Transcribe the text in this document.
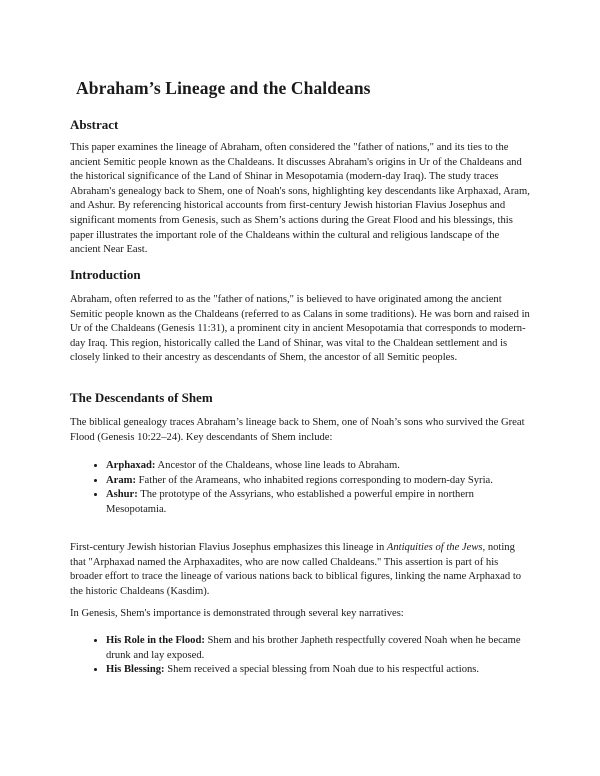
Abraham’s Lineage and the Chaldeans
Abstract

This paper examines the lineage of Abraham, often considered the "father of nations," and its ties to the ancient Semitic people known as the Chaldeans. It discusses Abraham's origins in Ur of the Chaldeans and the historical significance of the Land of Shinar in Mesopotamia (modern-day Iraq). The study traces Abraham's genealogy back to Shem, one of Noah's sons, highlighting key descendants like Arphaxad, Aram, and Ashur. By referencing historical accounts from first-century Jewish historian Flavius Josephus and significant moments from Genesis, such as Shem’s actions during the Great Flood and his blessings, this paper illustrates the important role of the Chaldeans within the cultural and religious landscape of the ancient Near East.

Introduction

Abraham, often referred to as the "father of nations," is believed to have originated among the ancient Semitic people known as the Chaldeans (referred to as Calans in some traditions). He was born and raised in Ur of the Chaldeans (Genesis 11:31), a prominent city in ancient Mesopotamia that corresponds to modern-day Iraq. This region, historically called the Land of Shinar, was vital to the Chaldean settlement and is closely linked to their ancestry as descendants of Shem, the ancestor of all Semitic peoples.

The Descendants of Shem

The biblical genealogy traces Abraham’s lineage back to Shem, one of Noah’s sons who survived the Great Flood (Genesis 10:22–24). Key descendants of Shem include:

• Arphaxad: Ancestor of the Chaldeans, whose line leads to Abraham.
• Aram: Father of the Arameans, who inhabited regions corresponding to modern-day Syria.
• Ashur: The prototype of the Assyrians, who established a powerful empire in northern Mesopotamia.

First-century Jewish historian Flavius Josephus emphasizes this lineage in Antiquities of the Jews, noting that "Arphaxad named the Arphaxadites, who are now called Chaldeans." This assertion is part of his broader effort to trace the lineage of various nations back to biblical figures, linking the name Arphaxad to the historic Chaldeans (Kasdim).

In Genesis, Shem's importance is demonstrated through several key narratives:

• His Role in the Flood: Shem and his brother Japheth respectfully covered Noah when he became drunk and lay exposed.
• His Blessing: Shem received a special blessing from Noah due to his respectful actions.
